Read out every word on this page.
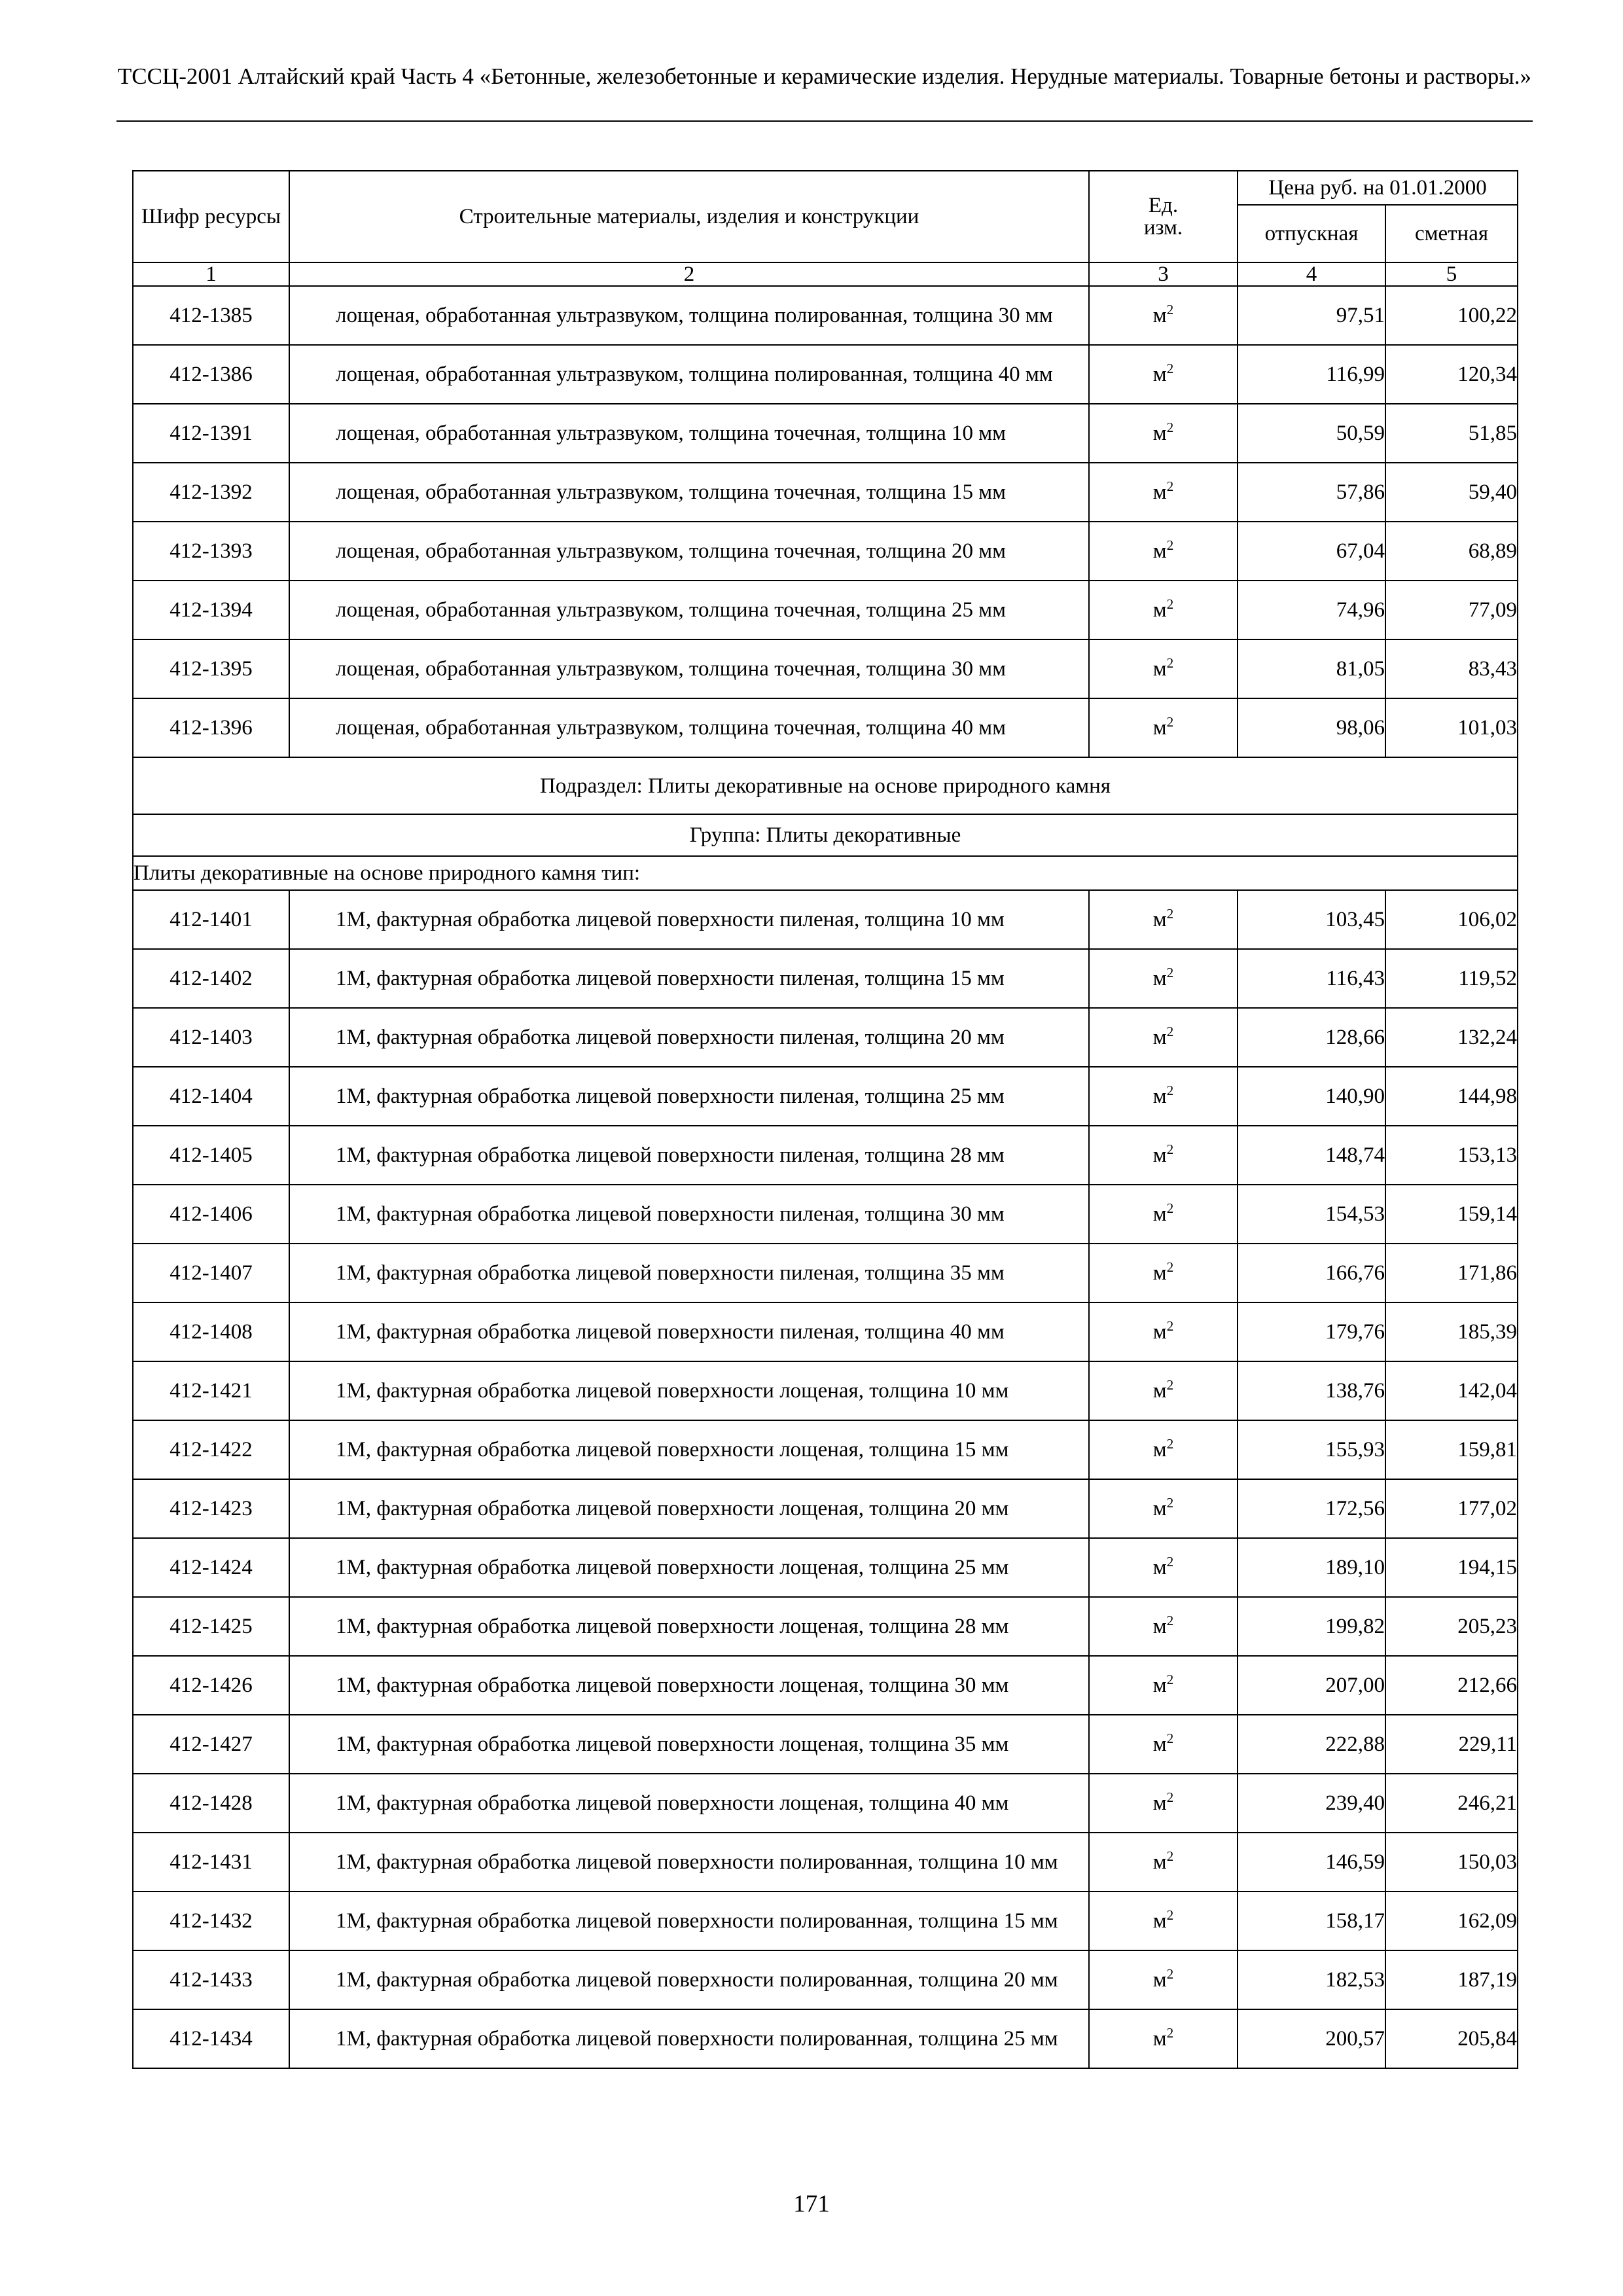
ТССЦ-2001 Алтайский край Часть 4 «Бетонные, железобетонные и керамические изделия. Нерудные материалы. Товарные бетоны и растворы.»
Шифр ресурсы	Строительные материалы, изделия и конструкции	Ед. изм.	Цена руб. на 01.01.2000	
			отпускная	сметная
1	2	3	4	5
412-1385	лощеная, обработанная ультразвуком, толщина полированная, толщина 30 мм	$м^2$	97,51	100,22
412-1386	лощеная, обработанная ультразвуком, толщина полированная, толщина 40 мм	$м^2$	116,99	120,34
412-1391	лощеная, обработанная ультразвуком, толщина точечная, толщина 10 мм	$м^2$	50,59	51,85
412-1392	лощеная, обработанная ультразвуком, толщина точечная, толщина 15 мм	$м^2$	57,86	59,40
412-1393	лощеная, обработанная ультразвуком, толщина точечная, толщина 20 мм	$м^2$	67,04	68,89
412-1394	лощеная, обработанная ультразвуком, толщина точечная, толщина 25 мм	$м^2$	74,96	77,09
412-1395	лощеная, обработанная ультразвуком, толщина точечная, толщина 30 мм	$м^2$	81,05	83,43
412-1396	лощеная, обработанная ультразвуком, толщина точечная, толщина 40 мм	$м^2$	98,06	101,03
Подраздел: Плиты декоративные на основе природного камня				
Группа: Плиты декоративные				
Плиты декоративные на основе природного камня тип:				
412-1401	1М, фактурная обработка лицевой поверхности пиленая, толщина 10 мм	$м^2$	103,45	106,02
412-1402	1М, фактурная обработка лицевой поверхности пиленая, толщина 15 мм	$м^2$	116,43	119,52
412-1403	1М, фактурная обработка лицевой поверхности пиленая, толщина 20 мм	$м^2$	128,66	132,24
412-1404	1М, фактурная обработка лицевой поверхности пиленая, толщина 25 мм	$м^2$	140,90	144,98
412-1405	1М, фактурная обработка лицевой поверхности пиленая, толщина 28 мм	$м^2$	148,74	153,13
412-1406	1М, фактурная обработка лицевой поверхности пиленая, толщина 30 мм	$м^2$	154,53	159,14
412-1407	1М, фактурная обработка лицевой поверхности пиленая, толщина 35 мм	$м^2$	166,76	171,86
412-1408	1М, фактурная обработка лицевой поверхности пиленая, толщина 40 мм	$м^2$	179,76	185,39
412-1421	1М, фактурная обработка лицевой поверхности лощеная, толщина 10 мм	$м^2$	138,76	142,04
412-1422	1М, фактурная обработка лицевой поверхности лощеная, толщина 15 мм	$м^2$	155,93	159,81
412-1423	1М, фактурная обработка лицевой поверхности лощеная, толщина 20 мм	$м^2$	172,56	177,02
412-1424	1М, фактурная обработка лицевой поверхности лощеная, толщина 25 мм	$м^2$	189,10	194,15
412-1425	1М, фактурная обработка лицевой поверхности лощеная, толщина 28 мм	$м^2$	199,82	205,23
412-1426	1М, фактурная обработка лицевой поверхности лощеная, толщина 30 мм	$м^2$	207,00	212,66
412-1427	1М, фактурная обработка лицевой поверхности лощеная, толщина 35 мм	$м^2$	222,88	229,11
412-1428	1М, фактурная обработка лицевой поверхности лощеная, толщина 40 мм	$м^2$	239,40	246,21
412-1431	1М, фактурная обработка лицевой поверхности полированная, толщина 10 мм	$м^2$	146,59	150,03
412-1432	1М, фактурная обработка лицевой поверхности полированная, толщина 15 мм	$м^2$	158,17	162,09
412-1433	1М, фактурная обработка лицевой поверхности полированная, толщина 20 мм	$м^2$	182,53	187,19
412-1434	1М, фактурная обработка лицевой поверхности полированная, толщина 25 мм	$м^2$	200,57	205,84
171
